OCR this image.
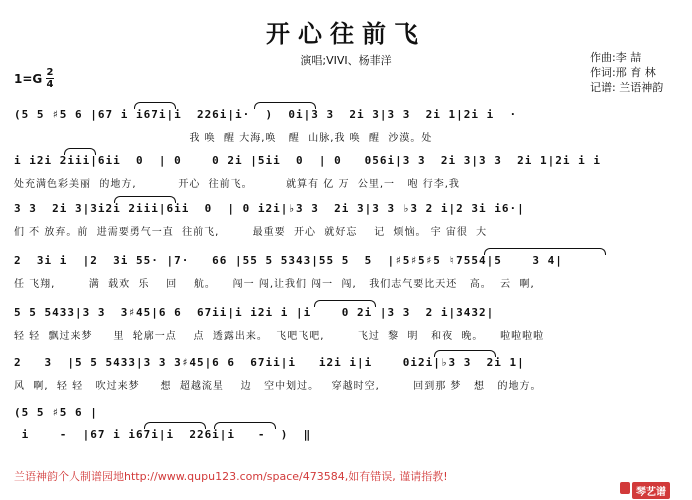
开心往前飞
演唱;VIVI、杨菲洋	作曲:李 喆
作词:邢 育 林
记谱: 兰语神韵
1=G 2
4
(5 5 ♯5 6 |67 i i67i|i  226i|i·  )  0i|3 3  2i 3|3 3  2i 1|2i i  ·
我 唤  醒 大海,唤   醒  山脉,我 唤  醒  沙漠。处
i i2i 2iii|6ii  0  | 0    0 2i |5ii  0  | 0   056i|3 3  2i 3|3 3  2i 1|2i i i
处充满色彩美丽  的地方,          开心  往前飞。        就算有 亿 万  公里,一   咆 行李,我
3 3  2i 3|3i2i 2iii|6ii  0  | 0 i2i|♭3 3  2i 3|3 3 ♭3 2 i|2 3i i6·|
们 不 放弃。前  进需要勇气一直  往前飞,        最重要  开心  就好忘    记  烦恼。 宇 宙很  大
2  3i i  |2  3i 55· |7·   66 |55 5 5343|55 5  5  |♯5♯5♯5 ♮7554|5    3 4|
任 飞翔,        满  载欢  乐    回    航。    闯一 闯,让我们 闯一  闯,   我们志气要比天还   高。  云  啊,
5 5 5433|3 3  3♯45|6 6  67ii|i i2i i |i    0 2i |3 3  2 i|3432|
轻 轻  飘过来梦     里  轮廓一点    点  透露出来。  飞吧飞吧,        飞过  黎  明   和夜  晚。    啦啦啦啦
2   3  |5 5 5433|3 3 3♯45|6 6  67ii|i   i2i i|i    0i2i|♭3 3  2i 1|
风  啊,  轻 轻   吹过来梦     想  超越流星    边   空中划过。   穿越时空,        回到那 梦   想   的地方。
(5 5 ♯5 6 |
i    -  |67 i i67i|i  226i|i   -  )  ‖
兰语神韵个人制谱园地http://www.qupu123.com/space/473584,如有错误, 谨请指教!
琴艺谱
